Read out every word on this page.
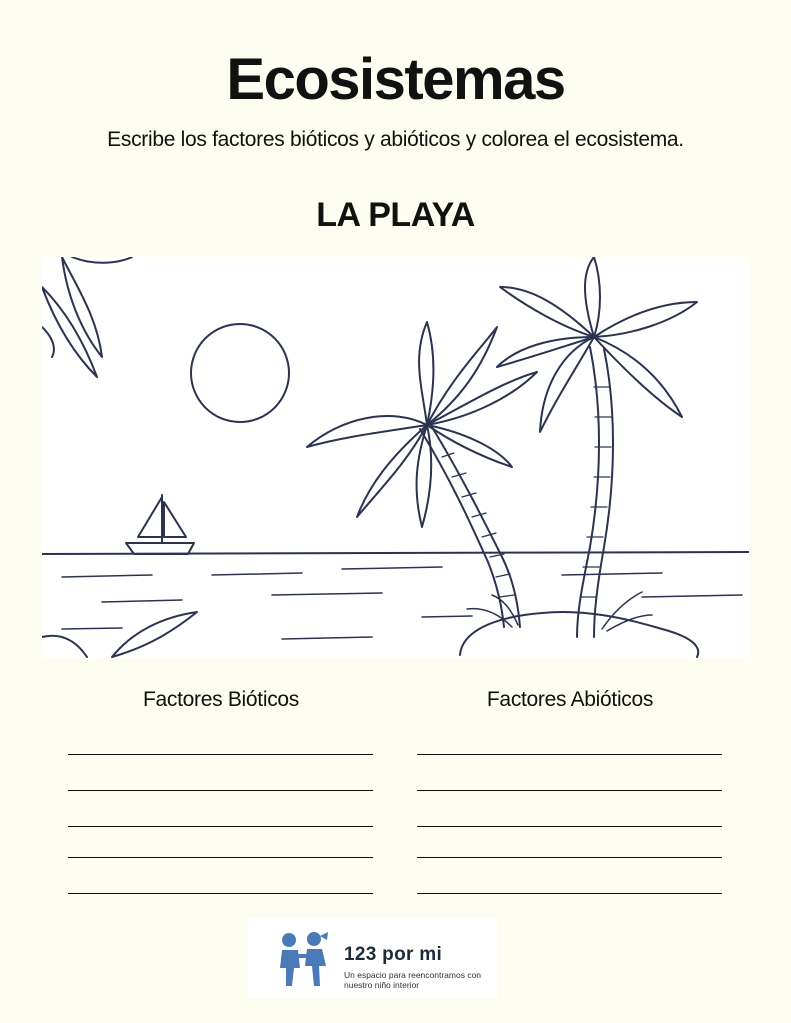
Ecosistemas
Escribe los factores bióticos y abióticos y colorea el ecosistema.
LA PLAYA
Factores Bióticos	Factores Abióticos
123 por mi
Un espacio para reencontramos con nuestro niño interior
